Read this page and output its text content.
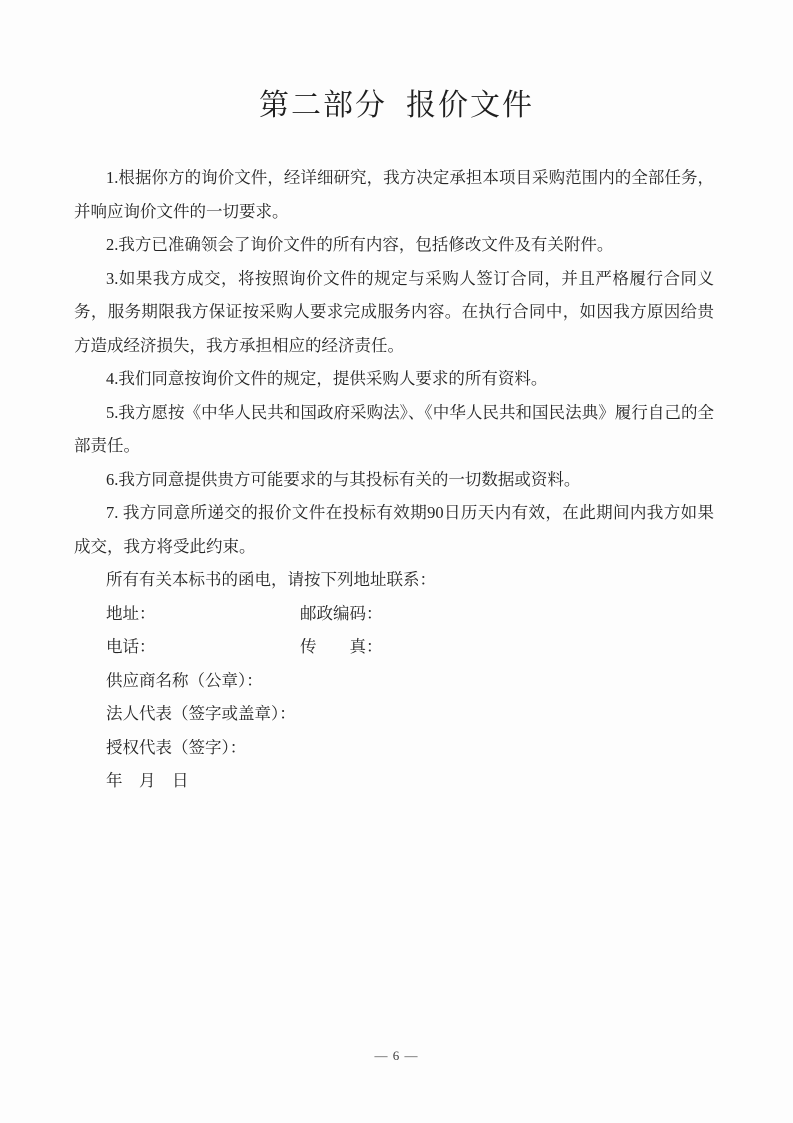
第二部分  报价文件

1.根据你方的询价文件，经详细研究，我方决定承担本项目采购范围内的全部任务，并响应询价文件的一切要求。

2.我方已准确领会了询价文件的所有内容，包括修改文件及有关附件。

3.如果我方成交，将按照询价文件的规定与采购人签订合同，并且严格履行合同义务，服务期限我方保证按采购人要求完成服务内容。在执行合同中，如因我方原因给贵方造成经济损失，我方承担相应的经济责任。

4.我们同意按询价文件的规定，提供采购人要求的所有资料。

5.我方愿按《中华人民共和国政府采购法》、《中华人民共和国民法典》履行自己的全部责任。

6.我方同意提供贵方可能要求的与其投标有关的一切数据或资料。

7. 我方同意所递交的报价文件在投标有效期90日历天内有效，在此期间内我方如果成交，我方将受此约束。

所有有关本标书的函电，请按下列地址联系：

地址：	邮政编码：

电话：	传　　真：

供应商名称（公章）：

法人代表（签字或盖章）：

授权代表（签字）：

年　月　日

— 6 —
